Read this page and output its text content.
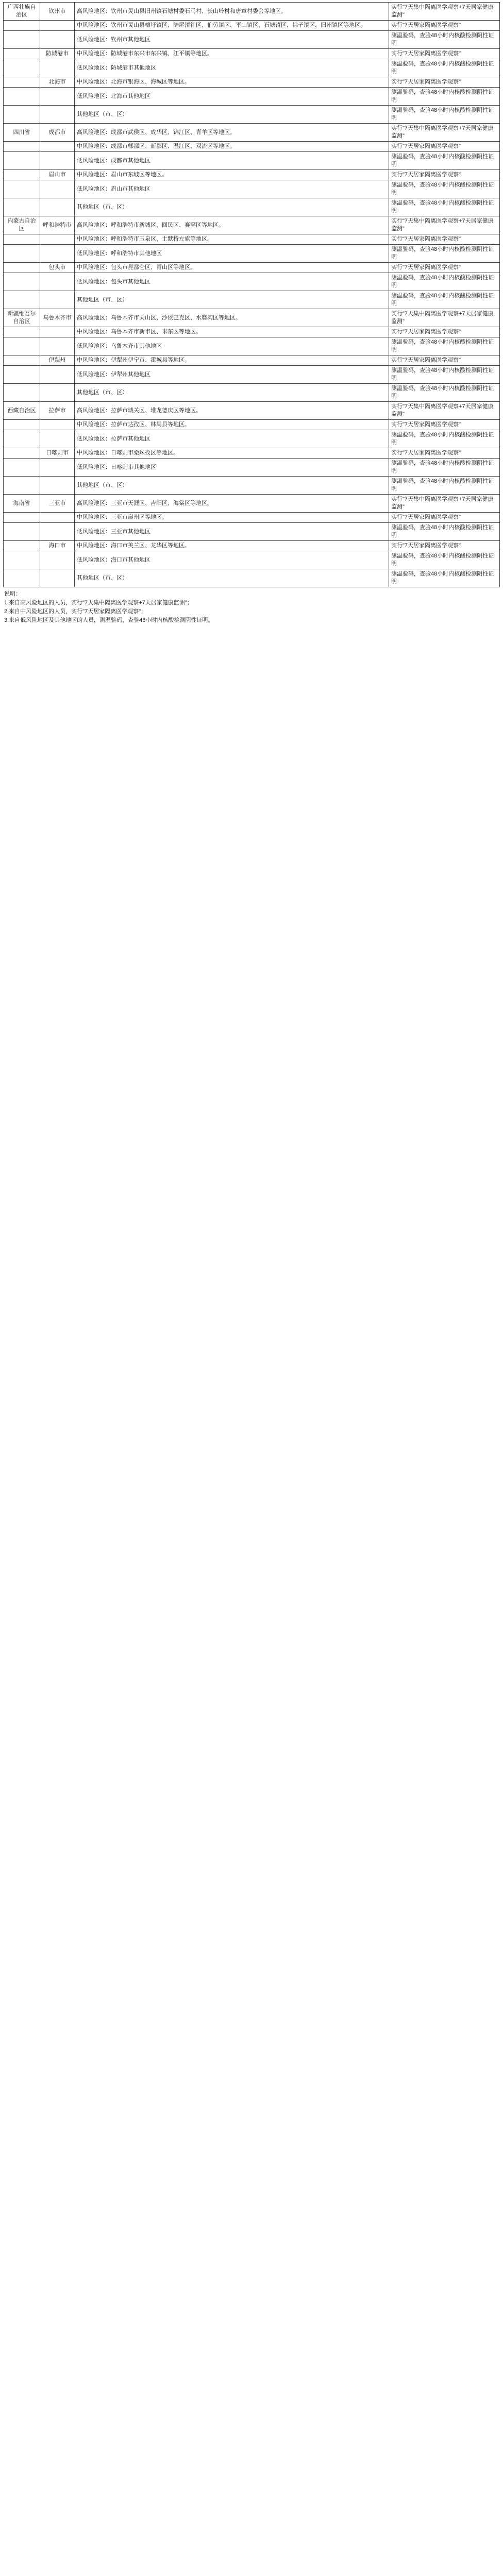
广西壮族自治区	钦州市	高风险地区：钦州市灵山县旧州镇石塘村委石马村、长山岭村和唐章村委会等地区。	实行"7天集中隔离医学观察+7天居家健康监测"
		中风险地区：钦州市灵山县檀圩镇区、陆屋镇社区、伯劳镇区、平山镇区、石塘镇区、佛子镇区、旧州镇区等地区。	实行"7天居家隔离医学观察"
		低风险地区：钦州市其他地区	测温验码，查验48小时内核酸检测阴性证明
	防城港市	中风险地区：防城港市东兴市东兴镇、江平镇等地区。	实行"7天居家隔离医学观察"
		低风险地区：防城港市其他地区	测温验码，查验48小时内核酸检测阴性证明
	北海市	中风险地区：北海市银海区、海城区等地区。	实行"7天居家隔离医学观察"
		低风险地区：北海市其他地区	测温验码，查验48小时内核酸检测阴性证明
		其他地区（市、区）	测温验码，查验48小时内核酸检测阴性证明
四川省	成都市	高风险地区：成都市武侯区、成华区、锦江区、青羊区等地区。	实行"7天集中隔离医学观察+7天居家健康监测"
		中风险地区：成都市郫都区、新都区、温江区、双流区等地区。	实行"7天居家隔离医学观察"
		低风险地区：成都市其他地区	测温验码，查验48小时内核酸检测阴性证明
	眉山市	中风险地区：眉山市东坡区等地区。	实行"7天居家隔离医学观察"
		低风险地区：眉山市其他地区	测温验码，查验48小时内核酸检测阴性证明
		其他地区（市、区）	测温验码，查验48小时内核酸检测阴性证明
内蒙古自治区	呼和浩特市	高风险地区：呼和浩特市新城区、回民区、赛罕区等地区。	实行"7天集中隔离医学观察+7天居家健康监测"
		中风险地区：呼和浩特市玉泉区、土默特左旗等地区。	实行"7天居家隔离医学观察"
		低风险地区：呼和浩特市其他地区	测温验码，查验48小时内核酸检测阴性证明
	包头市	中风险地区：包头市昆都仑区、青山区等地区。	实行"7天居家隔离医学观察"
		低风险地区：包头市其他地区	测温验码，查验48小时内核酸检测阴性证明
		其他地区（市、区）	测温验码，查验48小时内核酸检测阴性证明
新疆维吾尔自治区	乌鲁木齐市	高风险地区：乌鲁木齐市天山区、沙依巴克区、水磨沟区等地区。	实行"7天集中隔离医学观察+7天居家健康监测"
		中风险地区：乌鲁木齐市新市区、米东区等地区。	实行"7天居家隔离医学观察"
		低风险地区：乌鲁木齐市其他地区	测温验码，查验48小时内核酸检测阴性证明
	伊犁州	中风险地区：伊犁州伊宁市、霍城县等地区。	实行"7天居家隔离医学观察"
		低风险地区：伊犁州其他地区	测温验码，查验48小时内核酸检测阴性证明
		其他地区（市、区）	测温验码，查验48小时内核酸检测阴性证明
西藏自治区	拉萨市	高风险地区：拉萨市城关区、堆龙德庆区等地区。	实行"7天集中隔离医学观察+7天居家健康监测"
		中风险地区：拉萨市达孜区、林周县等地区。	实行"7天居家隔离医学观察"
		低风险地区：拉萨市其他地区	测温验码，查验48小时内核酸检测阴性证明
	日喀则市	中风险地区：日喀则市桑珠孜区等地区。	实行"7天居家隔离医学观察"
		低风险地区：日喀则市其他地区	测温验码，查验48小时内核酸检测阴性证明
		其他地区（市、区）	测温验码，查验48小时内核酸检测阴性证明
海南省	三亚市	高风险地区：三亚市天涯区、吉阳区、海棠区等地区。	实行"7天集中隔离医学观察+7天居家健康监测"
		中风险地区：三亚市崖州区等地区。	实行"7天居家隔离医学观察"
		低风险地区：三亚市其他地区	测温验码，查验48小时内核酸检测阴性证明
	海口市	中风险地区：海口市美兰区、龙华区等地区。	实行"7天居家隔离医学观察"
		低风险地区：海口市其他地区	测温验码，查验48小时内核酸检测阴性证明
		其他地区（市、区）	测温验码，查验48小时内核酸检测阴性证明

说明：

1.来自高风险地区的人员，实行"7天集中隔离医学观察+7天居家健康监测"；

2.来自中风险地区的人员，实行"7天居家隔离医学观察"；

3.来自低风险地区及其他地区的人员，测温验码，查验48小时内核酸检测阴性证明。
